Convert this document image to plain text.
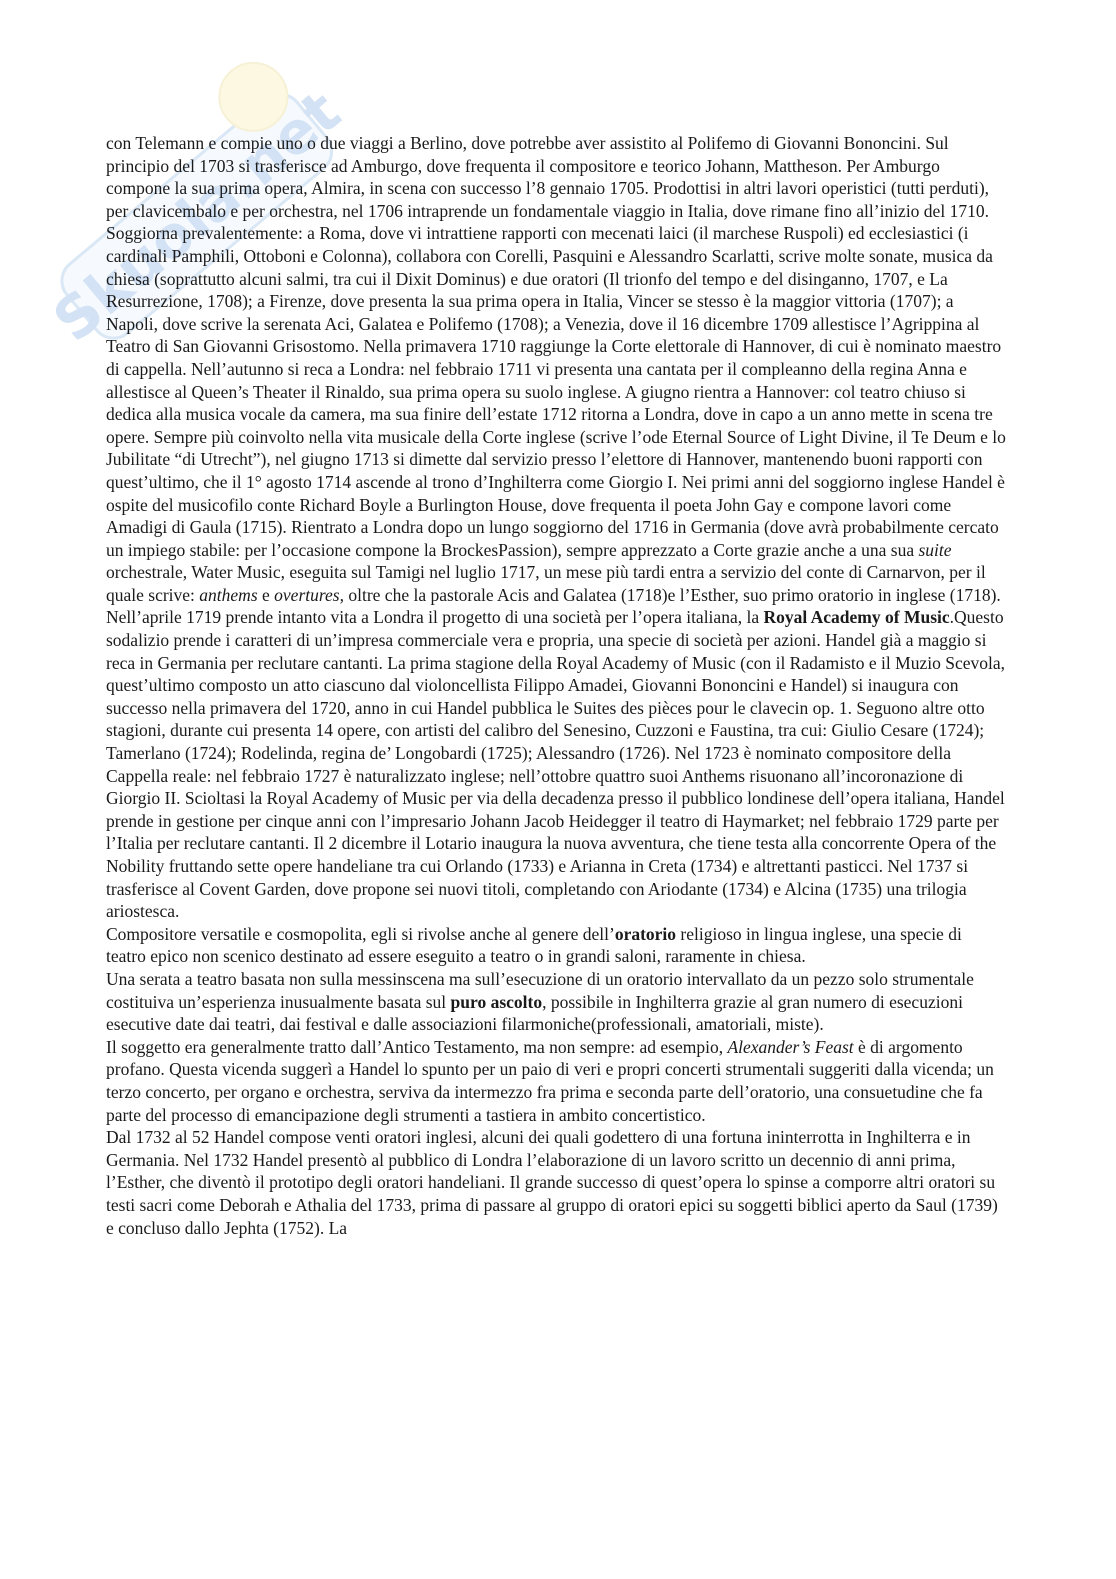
Skuola.net

con Telemann e compie uno o due viaggi a Berlino, dove potrebbe aver assistito al Polifemo di Giovanni Bononcini. Sul principio del 1703 si trasferisce ad Amburgo, dove frequenta il compositore e teorico Johann, Mattheson. Per Amburgo compone la sua prima opera, Almira, in scena con successo l’8 gennaio 1705. Prodottisi in altri lavori operistici (tutti perduti), per clavicembalo e per orchestra, nel 1706 intraprende un fondamentale viaggio in Italia, dove rimane fino all’inizio del 1710. Soggiorna prevalentemente: a Roma, dove vi intrattiene rapporti con mecenati laici (il marchese Ruspoli) ed ecclesiastici (i cardinali Pamphili, Ottoboni e Colonna), collabora con Corelli, Pasquini e Alessandro Scarlatti, scrive molte sonate, musica da chiesa (soprattutto alcuni salmi, tra cui il Dixit Dominus) e due oratori (Il trionfo del tempo e del disinganno, 1707, e La Resurrezione, 1708); a Firenze, dove presenta la sua prima opera in Italia, Vincer se stesso è la maggior vittoria (1707); a Napoli, dove scrive la serenata Aci, Galatea e Polifemo (1708); a Venezia, dove il 16 dicembre 1709 allestisce l’Agrippina al Teatro di San Giovanni Grisostomo. Nella primavera 1710 raggiunge la Corte elettorale di Hannover, di cui è nominato maestro di cappella. Nell’autunno si reca a Londra: nel febbraio 1711 vi presenta una cantata per il compleanno della regina Anna e allestisce al Queen’s Theater il Rinaldo, sua prima opera su suolo inglese. A giugno rientra a Hannover: col teatro chiuso si dedica alla musica vocale da camera, ma sua finire dell’estate 1712 ritorna a Londra, dove in capo a un anno mette in scena tre opere. Sempre più coinvolto nella vita musicale della Corte inglese (scrive l’ode Eternal Source of Light Divine, il Te Deum e lo Jubilitate “di Utrecht”), nel giugno 1713 si dimette dal servizio presso l’elettore di Hannover, mantenendo buoni rapporti con quest’ultimo, che il 1° agosto 1714 ascende al trono d’Inghilterra come Giorgio I. Nei primi anni del soggiorno inglese Handel è ospite del musicofilo conte Richard Boyle a Burlington House, dove frequenta il poeta John Gay e compone lavori come Amadigi di Gaula (1715). Rientrato a Londra dopo un lungo soggiorno del 1716 in Germania (dove avrà probabilmente cercato un impiego stabile: per l’occasione compone la BrockesPassion), sempre apprezzato a Corte grazie anche a una sua suite orchestrale, Water Music, eseguita sul Tamigi nel luglio 1717, un mese più tardi entra a servizio del conte di Carnarvon, per il quale scrive: anthems e overtures, oltre che la pastorale Acis and Galatea (1718)e l’Esther, suo primo oratorio in inglese (1718). Nell’aprile 1719 prende intanto vita a Londra il progetto di una società per l’opera italiana, la Royal Academy of Music.Questo sodalizio prende i caratteri di un’impresa commerciale vera e propria, una specie di società per azioni. Handel già a maggio si reca in Germania per reclutare cantanti. La prima stagione della Royal Academy of Music (con il Radamisto e il Muzio Scevola, quest’ultimo composto un atto ciascuno dal violoncellista Filippo Amadei, Giovanni Bononcini e Handel) si inaugura con successo nella primavera del 1720, anno in cui Handel pubblica le Suites des pièces pour le clavecin op. 1. Seguono altre otto stagioni, durante cui presenta 14 opere, con artisti del calibro del Senesino, Cuzzoni e Faustina, tra cui: Giulio Cesare (1724); Tamerlano (1724); Rodelinda, regina de’ Longobardi (1725); Alessandro (1726). Nel 1723 è nominato compositore della Cappella reale: nel febbraio 1727 è naturalizzato inglese; nell’ottobre quattro suoi Anthems risuonano all’incoronazione di Giorgio II. Scioltasi la Royal Academy of Music per via della decadenza presso il pubblico londinese dell’opera italiana, Handel prende in gestione per cinque anni con l’impresario Johann Jacob Heidegger il teatro di Haymarket; nel febbraio 1729 parte per l’Italia per reclutare cantanti. Il 2 dicembre il Lotario inaugura la nuova avventura, che tiene testa alla concorrente Opera of the Nobility fruttando sette opere handeliane tra cui Orlando (1733) e Arianna in Creta (1734) e altrettanti pasticci. Nel 1737 si trasferisce al Covent Garden, dove propone sei nuovi titoli, completando con Ariodante (1734) e Alcina (1735) una trilogia ariostesca.

Compositore versatile e cosmopolita, egli si rivolse anche al genere dell’oratorio religioso in lingua inglese, una specie di teatro epico non scenico destinato ad essere eseguito a teatro o in grandi saloni, raramente in chiesa.

Una serata a teatro basata non sulla messinscena ma sull’esecuzione di un oratorio intervallato da un pezzo solo strumentale costituiva un’esperienza inusualmente basata sul puro ascolto, possibile in Inghilterra grazie al gran numero di esecuzioni esecutive date dai teatri, dai festival e dalle associazioni filarmoniche(professionali, amatoriali, miste).

Il soggetto era generalmente tratto dall’Antico Testamento, ma non sempre: ad esempio, Alexander’s Feast è di argomento profano. Questa vicenda suggerì a Handel lo spunto per un paio di veri e propri concerti strumentali suggeriti dalla vicenda; un terzo concerto, per organo e orchestra, serviva da intermezzo fra prima e seconda parte dell’oratorio, una consuetudine che fa parte del processo di emancipazione degli strumenti a tastiera in ambito concertistico.

Dal 1732 al 52 Handel compose venti oratori inglesi, alcuni dei quali godettero di una fortuna ininterrotta in Inghilterra e in Germania. Nel 1732 Handel presentò al pubblico di Londra l’elaborazione di un lavoro scritto un decennio di anni prima, l’Esther, che diventò il prototipo degli oratori handeliani. Il grande successo di quest’opera lo spinse a comporre altri oratori su testi sacri come Deborah e Athalia del 1733, prima di passare al gruppo di oratori epici su soggetti biblici aperto da Saul (1739) e concluso dallo Jephta (1752). La
